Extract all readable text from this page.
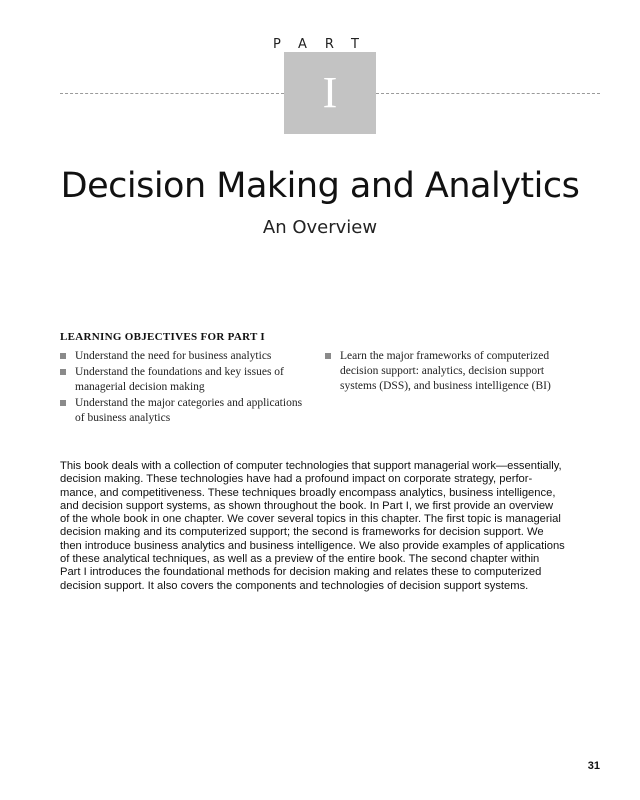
PART
I
Decision Making and Analytics
An Overview
LEARNING OBJECTIVES FOR PART I
Understand the need for business analytics
Understand the foundations and key issues of managerial decision making
Understand the major categories and applications of business analytics
Learn the major frameworks of computerized decision support: analytics, decision support systems (DSS), and business intelligence (BI)

This book deals with a collection of computer technologies that support managerial work—essentially,
decision making. These technologies have had a profound impact on corporate strategy, perfor-
mance, and competitiveness. These techniques broadly encompass analytics, business intelligence,
and decision support systems, as shown throughout the book. In Part I, we first provide an overview
of the whole book in one chapter. We cover several topics in this chapter. The first topic is managerial
decision making and its computerized support; the second is frameworks for decision support. We
then introduce business analytics and business intelligence. We also provide examples of applications
of these analytical techniques, as well as a preview of the entire book. The second chapter within
Part I introduces the foundational methods for decision making and relates these to computerized
decision support. It also covers the components and technologies of decision support systems.

31
